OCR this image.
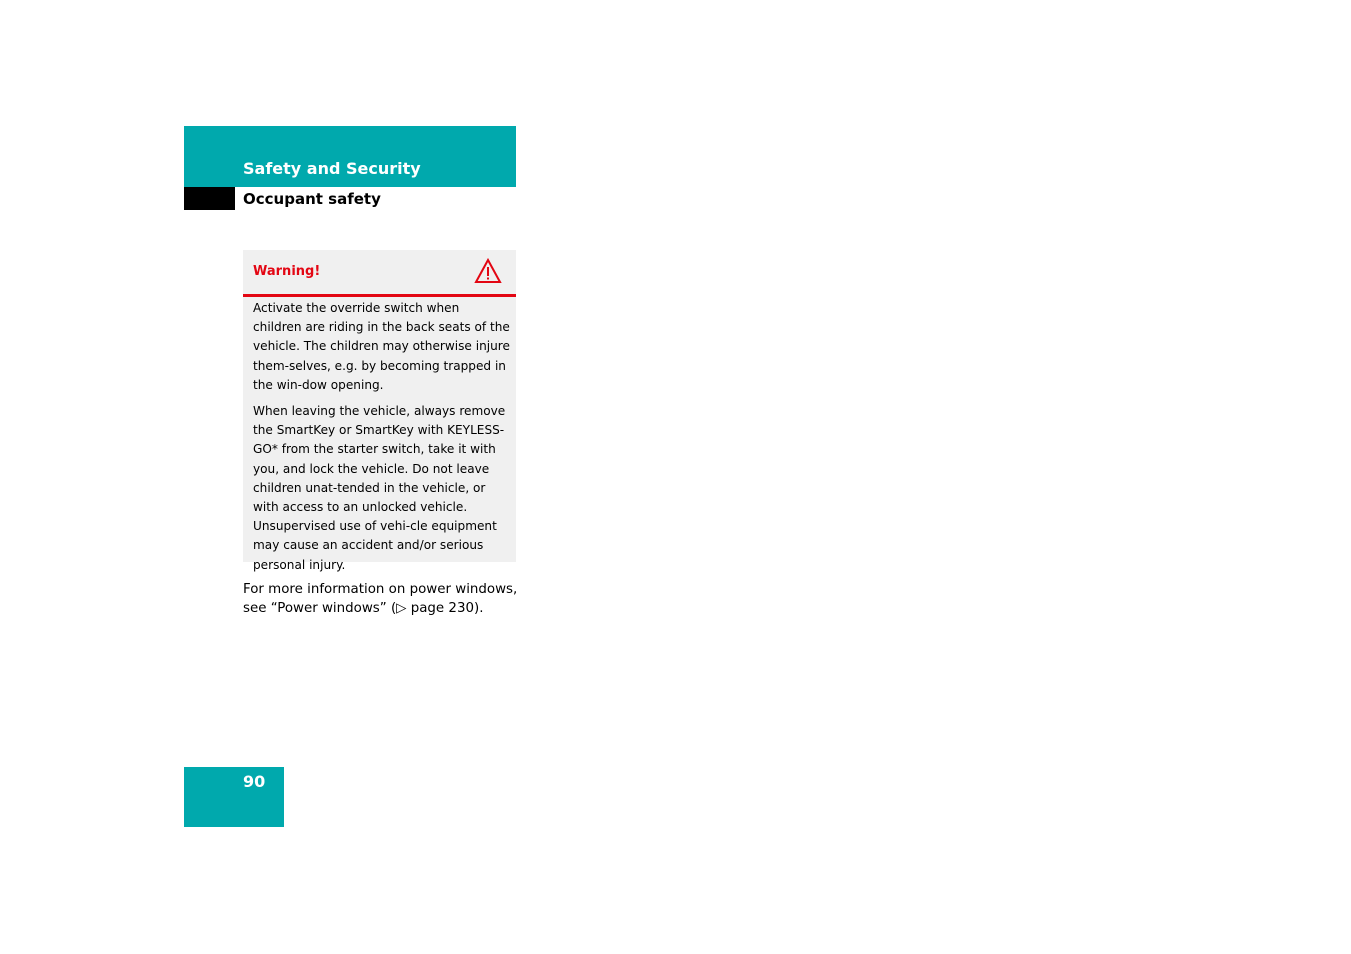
Safety and Security
Occupant safety
Warning!

Activate the override switch when children are riding in the back seats of the vehicle. The children may otherwise injure them-selves, e.g. by becoming trapped in the win-dow opening.

When leaving the vehicle, always remove the SmartKey or SmartKey with KEYLESS-GO* from the starter switch, take it with you, and lock the vehicle. Do not leave children unat-tended in the vehicle, or with access to an unlocked vehicle. Unsupervised use of vehi-cle equipment may cause an accident and/or serious personal injury.

For more information on power windows, see “Power windows” (▷ page 230).

90
